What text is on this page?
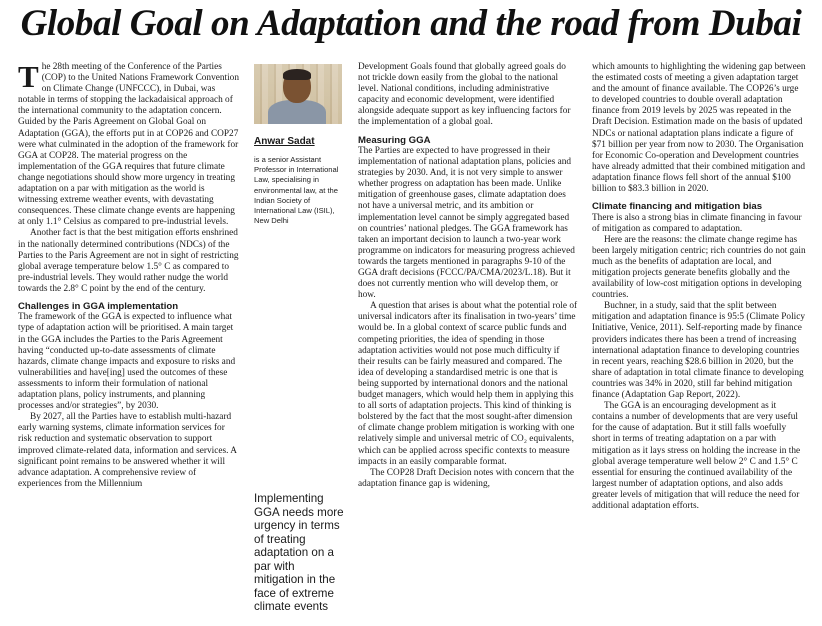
Global Goal on Adaptation and the road from Dubai

The 28th meeting of the Conference of the Parties (COP) to the United Nations Framework Convention on Climate Change (UNFCCC), in Dubai, was notable in terms of stopping the lackadaisical approach of the international community to the adaptation concern. Guided by the Paris Agreement on Global Goal on Adaptation (GGA), the efforts put in at COP26 and COP27 were what culminated in the adoption of the framework for GGA at COP28. The material progress on the implementation of the GGA requires that future climate change negotiations should show more urgency in treating adaptation on a par with mitigation as the world is witnessing extreme weather events, with devastating consequences. These climate change events are happening at only 1.1° Celsius as compared to pre-industrial levels.

Another fact is that the best mitigation efforts enshrined in the nationally determined contributions (NDCs) of the Parties to the Paris Agreement are not in sight of restricting global average temperature below 1.5° C as compared to pre-industrial levels. They would rather nudge the world towards the 2.8° C point by the end of the century.

Challenges in GGA implementation

The framework of the GGA is expected to influence what type of adaptation action will be prioritised. A main target in the GGA includes the Parties to the Paris Agreement having “conducted up-to-date assessments of climate hazards, climate change impacts and exposure to risks and vulnerabilities and have[ing] used the outcomes of these assessments to inform their formulation of national adaptation plans, policy instruments, and planning processes and/or strategies”, by 2030.

By 2027, all the Parties have to establish multi-hazard early warning systems, climate information services for risk reduction and systematic observation to support improved climate-related data, information and services. A significant point remains to be answered whether it will advance adaptation. A comprehensive review of experiences from the Millennium

Anwar Sadat
is a senior Assistant Professor in International Law, specialising in environmental law, at the Indian Society of International Law (ISIL), New Delhi
Implementing GGA needs more urgency in terms of treating adaptation on a par with mitigation in the face of extreme climate events

Development Goals found that globally agreed goals do not trickle down easily from the global to the national level. National conditions, including administrative capacity and economic development, were identified alongside adequate support as key influencing factors for the implementation of a global goal.

Measuring GGA

The Parties are expected to have progressed in their implementation of national adaptation plans, policies and strategies by 2030. And, it is not very simple to answer whether progress on adaptation has been made. Unlike mitigation of greenhouse gases, climate adaptation does not have a universal metric, and its ambition or implementation level cannot be simply aggregated based on countries’ national pledges. The GGA framework has taken an important decision to launch a two-year work programme on indicators for measuring progress achieved towards the targets mentioned in paragraphs 9-10 of the GGA draft decisions (FCCC/PA/CMA/2023/L.18). But it does not currently mention who will develop them, or how.

A question that arises is about what the potential role of universal indicators after its finalisation in two-years’ time would be. In a global context of scarce public funds and competing priorities, the idea of spending in those adaptation activities would not pose much difficulty if their results can be fairly measured and compared. The idea of developing a standardised metric is one that is being supported by international donors and the national budget managers, which would help them in applying this to all sorts of adaptation projects. This kind of thinking is bolstered by the fact that the most sought-after dimension of climate change problem mitigation is working with one relatively simple and universal metric of CO₂ equivalents, which can be applied across specific contexts to measure impacts in an easily comparable format.

The COP28 Draft Decision notes with concern that the adaptation finance gap is widening,

which amounts to highlighting the widening gap between the estimated costs of meeting a given adaptation target and the amount of finance available. The COP26’s urge to developed countries to double overall adaptation finance from 2019 levels by 2025 was repeated in the Draft Decision. Estimation made on the basis of updated NDCs or national adaptation plans indicate a figure of $71 billion per year from now to 2030. The Organisation for Economic Co-operation and Development countries have already admitted that their combined mitigation and adaptation finance flows fell short of the annual $100 billion to $83.3 billion in 2020.

Climate financing and mitigation bias

There is also a strong bias in climate financing in favour of mitigation as compared to adaptation.

Here are the reasons: the climate change regime has been largely mitigation centric; rich countries do not gain much as the benefits of adaptation are local, and mitigation projects generate benefits globally and the availability of low-cost mitigation options in developing countries.

Buchner, in a study, said that the split between mitigation and adaptation finance is 95:5 (Climate Policy Initiative, Venice, 2011). Self-reporting made by finance providers indicates there has been a trend of increasing international adaptation finance to developing countries in recent years, reaching $28.6 billion in 2020, but the share of adaptation in total climate finance to developing countries was 34% in 2020, still far behind mitigation finance (Adaptation Gap Report, 2022).

The GGA is an encouraging development as it contains a number of developments that are very useful for the cause of adaptation. But it still falls woefully short in terms of treating adaptation on a par with mitigation as it lays stress on holding the increase in the global average temperature well below 2° C and 1.5° C essential for ensuring the continued availability of the largest number of adaptation options, and also adds greater levels of mitigation that will reduce the need for additional adaptation efforts.
